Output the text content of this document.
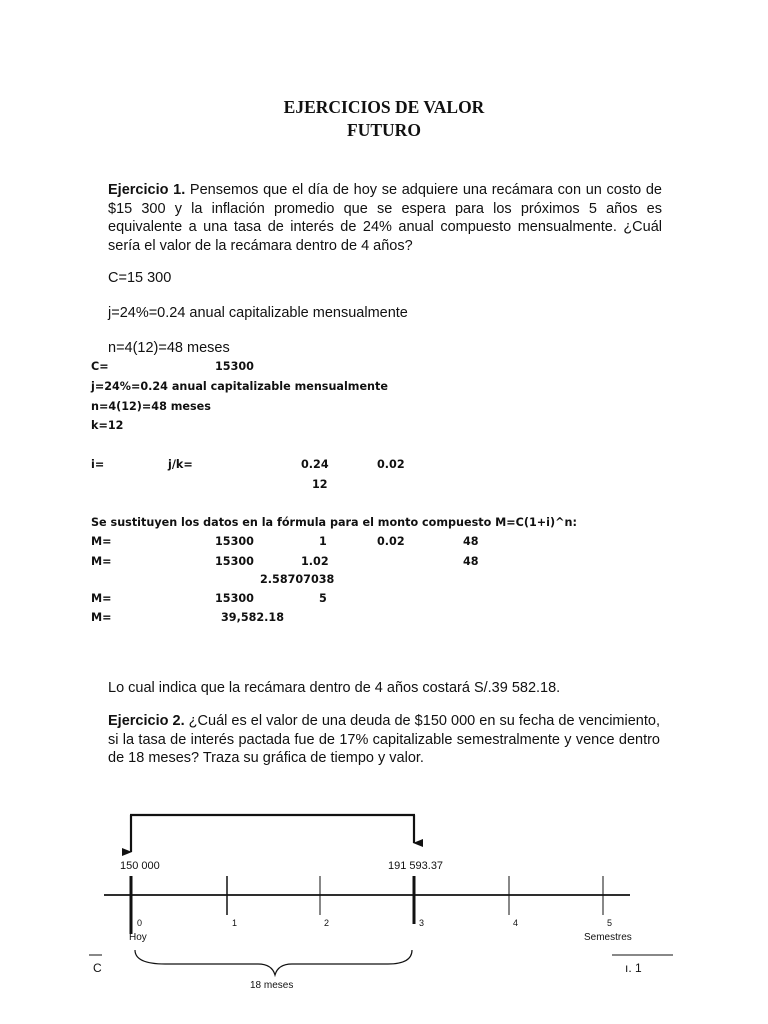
EJERCICIOS DE VALOR
FUTURO
Ejercicio 1. Pensemos que el día de hoy se adquiere una recámara con un costo de $15 300 y la inflación promedio que se espera para los próximos 5 años es equivalente a una tasa de interés de 24% anual compuesto mensualmente. ¿Cuál sería el valor de la recámara dentro de 4 años?
C=15 300
j=24%=0.24 anual capitalizable mensualmente
n=4(12)=48 meses
C=	15300
j=24%=0.24 anual capitalizable mensualmente
n=4(12)=48 meses
k=12
i=	j/k=	0.24	0.02
12
Se sustituyen los datos en la fórmula para el monto compuesto M=C(1+i)^n:
M=	15300	1	0.02	48
M=	15300	1.02	48
2.58707038
M=	15300	5
M=	39,582.18
Lo cual indica que la recámara dentro de 4 años costará S/.39 582.18.
Ejercicio 2. ¿Cuál es el valor de una deuda de $150 000 en su fecha de vencimiento, si la tasa de interés pactada fue de 17% capitalizable semestralmente y vence dentro de 18 meses? Traza su gráfica de tiempo y valor.
150 000	191 593.37
0	1	2	3	4	5
Hoy	Semestres
18 meses
C	ı. 1
